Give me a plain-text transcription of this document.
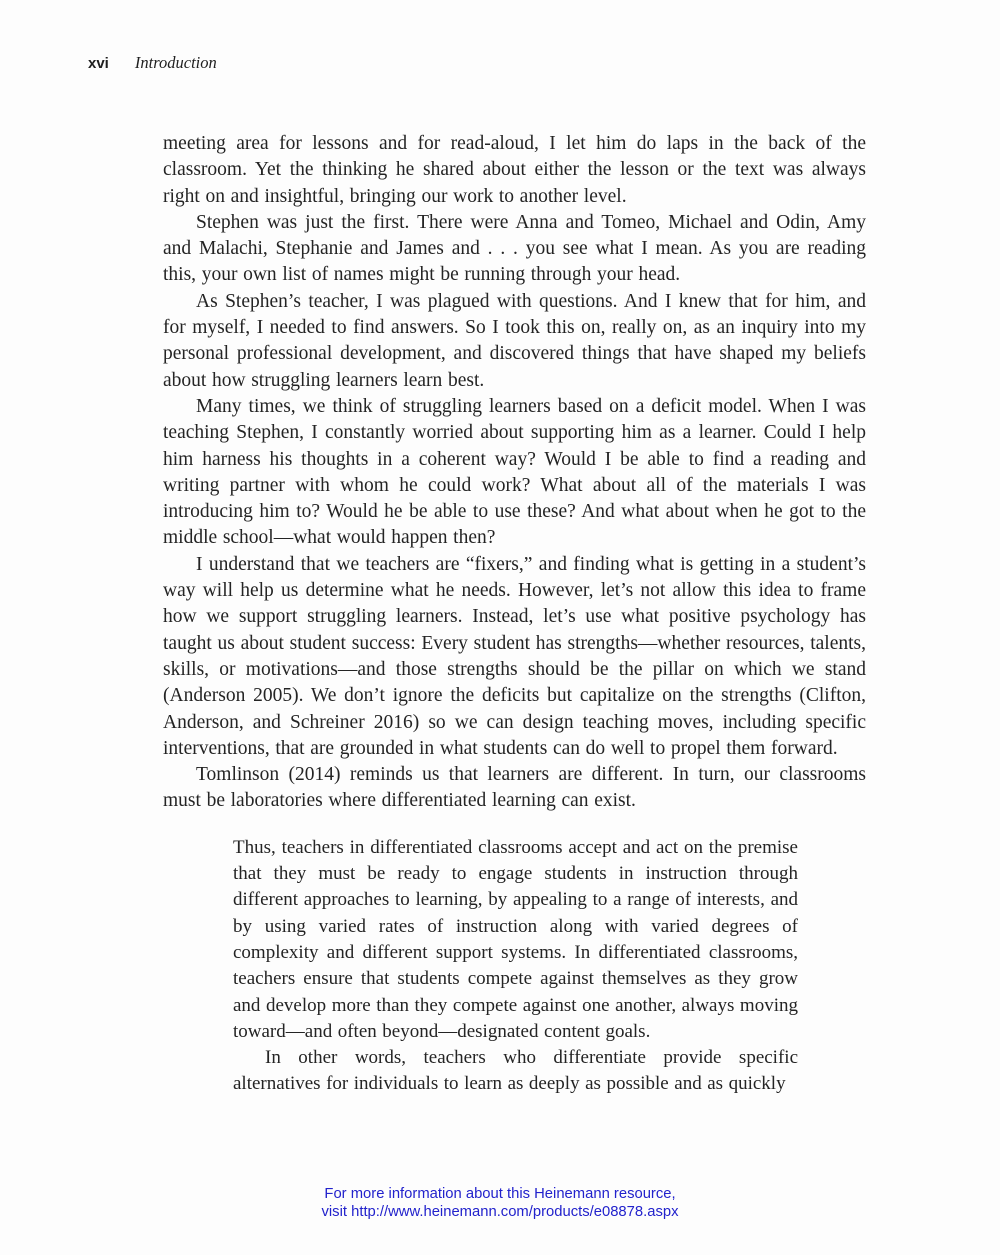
xvi Introduction

meeting area for lessons and for read-aloud, I let him do laps in the back of the classroom. Yet the thinking he shared about either the lesson or the text was always right on and insightful, bringing our work to another level.

Stephen was just the first. There were Anna and Tomeo, Michael and Odin, Amy and Malachi, Stephanie and James and . . . you see what I mean. As you are reading this, your own list of names might be running through your head.

As Stephen’s teacher, I was plagued with questions. And I knew that for him, and for myself, I needed to find answers. So I took this on, really on, as an inquiry into my personal professional development, and discovered things that have shaped my beliefs about how struggling learners learn best.

Many times, we think of struggling learners based on a deficit model. When I was teaching Stephen, I constantly worried about supporting him as a learner. Could I help him harness his thoughts in a coherent way? Would I be able to find a reading and writing partner with whom he could work? What about all of the materials I was introducing him to? Would he be able to use these? And what about when he got to the middle school—what would happen then?

I understand that we teachers are “fixers,” and finding what is getting in a student’s way will help us determine what he needs. However, let’s not allow this idea to frame how we support struggling learners. Instead, let’s use what positive psychology has taught us about student success: Every student has strengths—whether resources, talents, skills, or motivations—and those strengths should be the pillar on which we stand (Anderson 2005). We don’t ignore the deficits but capitalize on the strengths (Clifton, Anderson, and Schreiner 2016) so we can design teaching moves, including specific interventions, that are grounded in what students can do well to propel them forward.

Tomlinson (2014) reminds us that learners are different. In turn, our classrooms must be laboratories where differentiated learning can exist.

Thus, teachers in differentiated classrooms accept and act on the premise that they must be ready to engage students in instruction through different approaches to learning, by appealing to a range of interests, and by using varied rates of instruction along with varied degrees of complexity and different support systems. In differentiated classrooms, teachers ensure that students compete against themselves as they grow and develop more than they compete against one another, always moving toward—and often beyond—designated content goals.

In other words, teachers who differentiate provide specific alternatives for individuals to learn as deeply as possible and as quickly

For more information about this Heinemann resource,
visit http://www.heinemann.com/products/e08878.aspx
